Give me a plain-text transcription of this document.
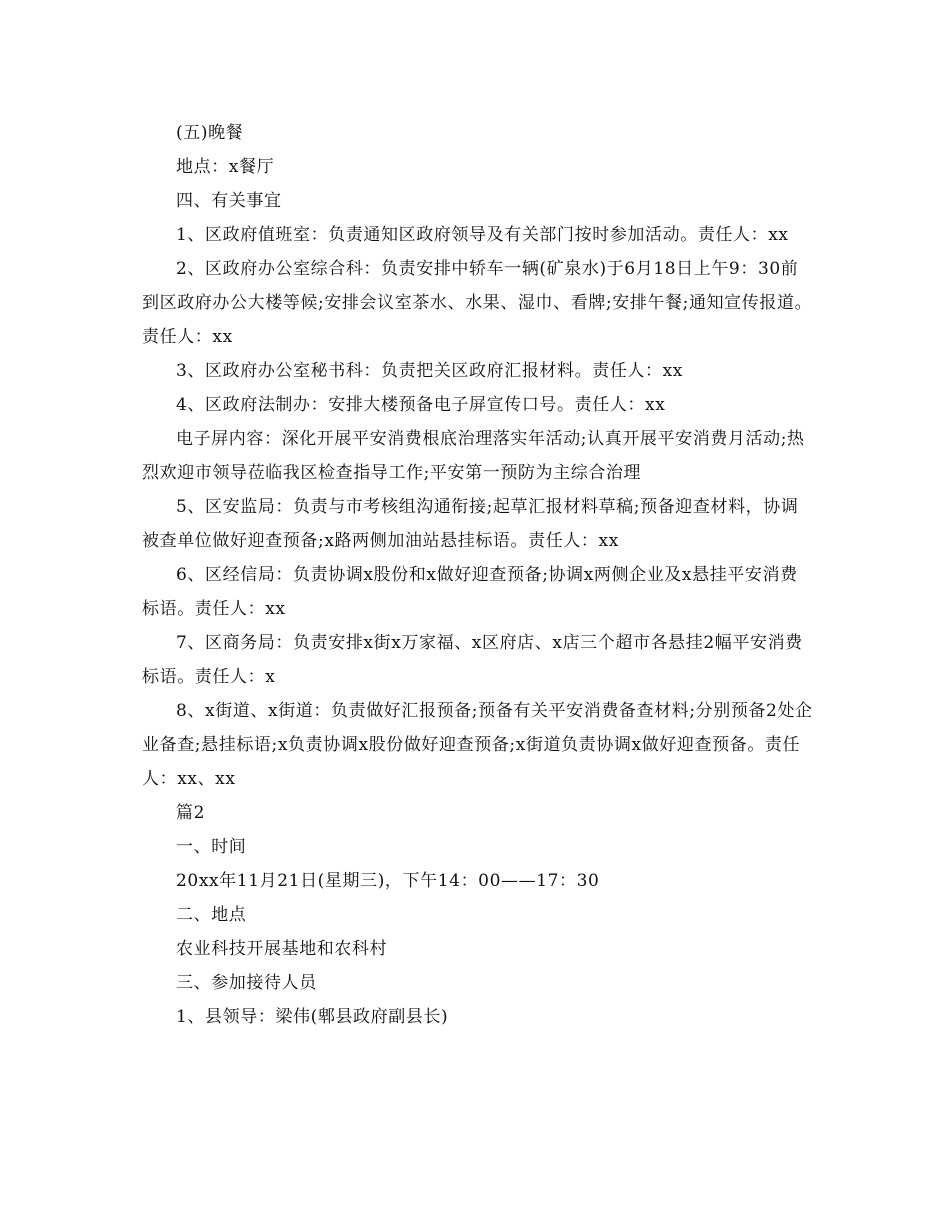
(五)晚餐

地点：x餐厅

四、有关事宜

1、区政府值班室：负责通知区政府领导及有关部门按时参加活动。责任人：xx

2、区政府办公室综合科：负责安排中轿车一辆(矿泉水)于6月18日上午9：30前到区政府办公大楼等候;安排会议室茶水、水果、湿巾、看牌;安排午餐;通知宣传报道。责任人：xx

3、区政府办公室秘书科：负责把关区政府汇报材料。责任人：xx

4、区政府法制办：安排大楼预备电子屏宣传口号。责任人：xx

电子屏内容：深化开展平安消费根底治理落实年活动;认真开展平安消费月活动;热烈欢迎市领导莅临我区检查指导工作;平安第一预防为主综合治理

5、区安监局：负责与市考核组沟通衔接;起草汇报材料草稿;预备迎查材料，协调被查单位做好迎查预备;x路两侧加油站悬挂标语。责任人：xx

6、区经信局：负责协调x股份和x做好迎查预备;协调x两侧企业及x悬挂平安消费标语。责任人：xx

7、区商务局：负责安排x街x万家福、x区府店、x店三个超市各悬挂2幅平安消费标语。责任人：x

8、x街道、x街道：负责做好汇报预备;预备有关平安消费备查材料;分别预备2处企业备查;悬挂标语;x负责协调x股份做好迎查预备;x街道负责协调x做好迎查预备。责任人：xx、xx

篇2

一、时间

20xx年11月21日(星期三)，下午14：00——17：30

二、地点

农业科技开展基地和农科村

三、参加接待人员

1、县领导：梁伟(郫县政府副县长)
